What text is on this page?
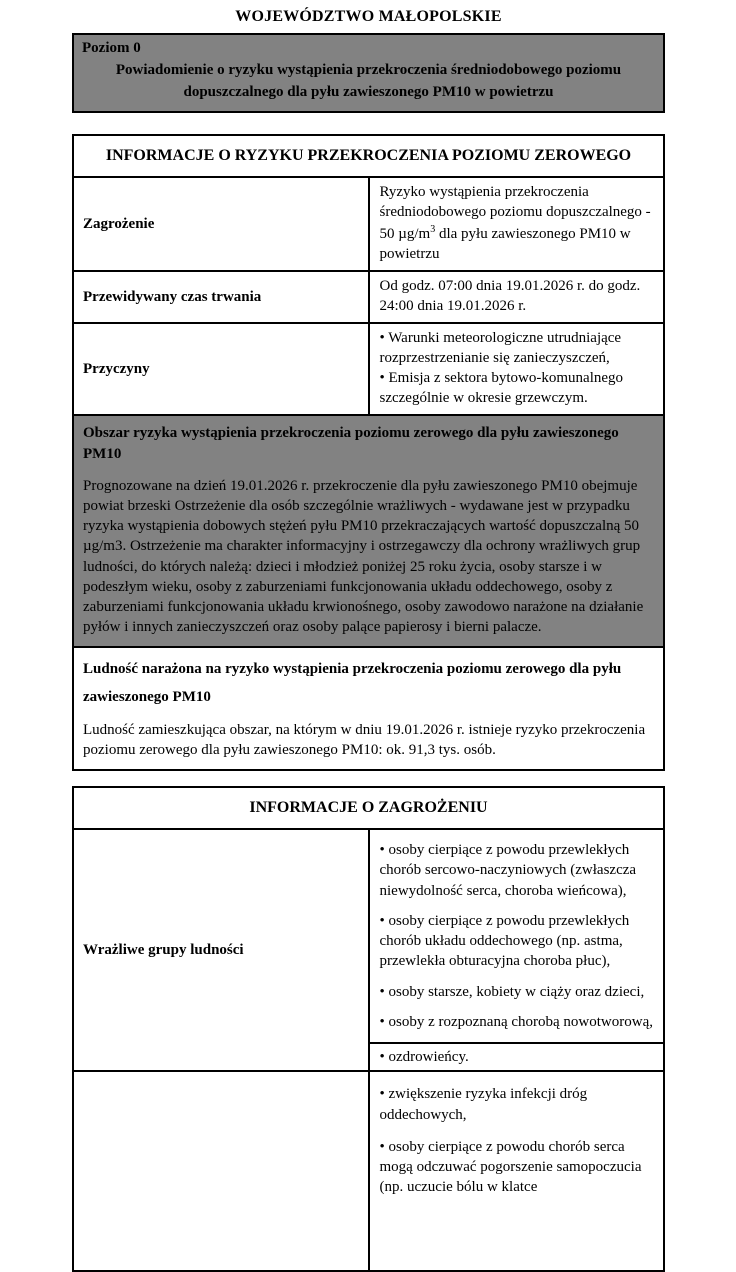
WOJEWÓDZTWO MAŁOPOLSKIE
Poziom 0
Powiadomienie o ryzyku wystąpienia przekroczenia średniodobowego poziomu dopuszczalnego dla pyłu zawieszonego PM10 w powietrzu
INFORMACJE O RYZYKU PRZEKROCZENIA POZIOMU ZEROWEGO	
Zagrożenie	Ryzyko wystąpienia przekroczenia średniodobowego poziomu dopuszczalnego - 50 $\mu g/m^3$ dla pyłu zawieszonego PM10 w powietrzu
Przewidywany czas trwania	Od godz. 07:00 dnia 19.01.2026 r. do godz. 24:00 dnia 19.01.2026 r.
Przyczyny	• Warunki meteorologiczne utrudniające rozprzestrzenianie się zanieczyszczeń,

• Emisja z sektora bytowo-komunalnego szczególnie w okresie grzewczym.

Obszar ryzyka wystąpienia przekroczenia poziomu zerowego dla pyłu zawieszonego PM10

Prognozowane na dzień 19.01.2026 r. przekroczenie dla pyłu zawieszonego PM10 obejmuje powiat brzeski Ostrzeżenie dla osób szczególnie wrażliwych - wydawane jest w przypadku ryzyka wystąpienia dobowych stężeń pyłu PM10 przekraczających wartość dopuszczalną 50 µg/m3. Ostrzeżenie ma charakter informacyjny i ostrzegawczy dla ochrony wrażliwych grup ludności, do których należą: dzieci i młodzież poniżej 25 roku życia, osoby starsze i w podeszłym wieku, osoby z zaburzeniami funkcjonowania układu oddechowego, osoby z zaburzeniami funkcjonowania układu krwionośnego, osoby zawodowo narażone na działanie pyłów i innych zanieczyszczeń oraz osoby palące papierosy i bierni palacze.	

Ludność narażona na ryzyko wystąpienia przekroczenia poziomu zerowego dla pyłu zawieszonego PM10

Ludność zamieszkująca obszar, na którym w dniu 19.01.2026 r. istnieje ryzyko przekroczenia poziomu zerowego dla pyłu zawieszonego PM10: ok. 91,3 tys. osób.	

INFORMACJE O ZAGROŻENIU	
Wrażliwe grupy ludności	• osoby cierpiące z powodu przewlekłych chorób sercowo-naczyniowych (zwłaszcza niewydolność serca, choroba wieńcowa),

• osoby cierpiące z powodu przewlekłych chorób układu oddechowego (np. astma, przewlekła obturacyjna choroba płuc),

• osoby starsze, kobiety w ciąży oraz dzieci,

• osoby z rozpoznaną chorobą nowotworową,

	• ozdrowieńcy.

	• zwiększenie ryzyka infekcji dróg oddechowych,

• osoby cierpiące z powodu chorób serca mogą odczuwać pogorszenie samopoczucia (np. uczucie bólu w klatce
